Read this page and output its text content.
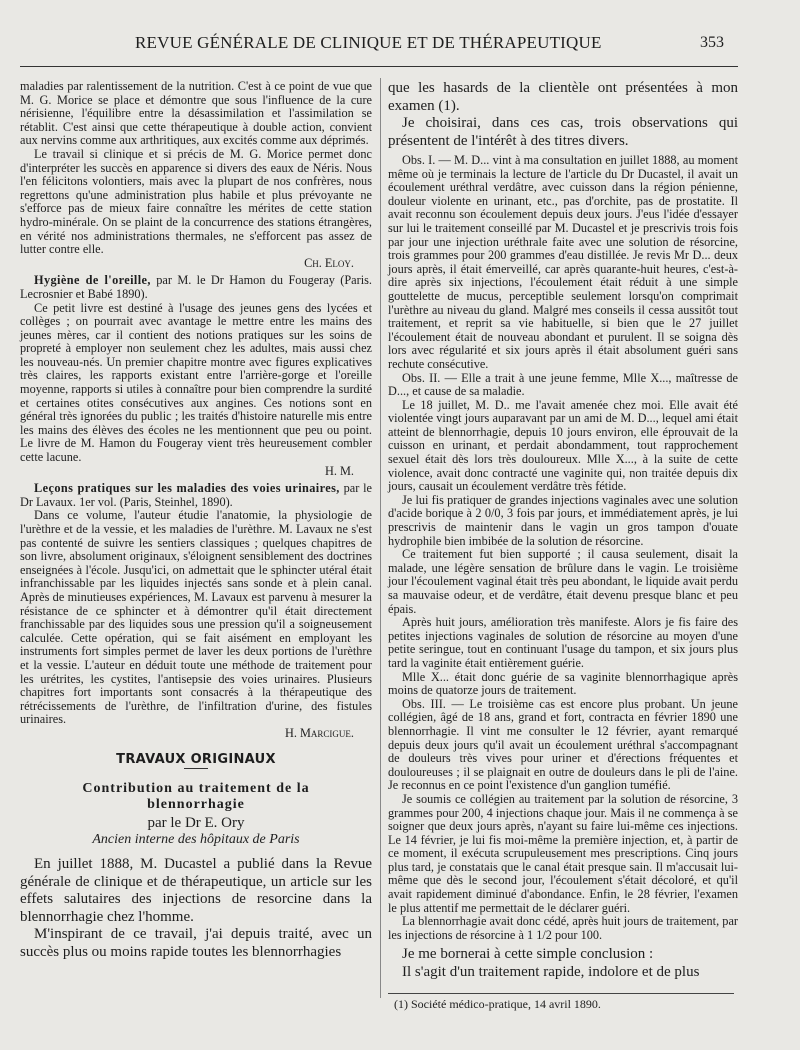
REVUE GÉNÉRALE DE CLINIQUE ET DE THÉRAPEUTIQUE	353

maladies par ralentissement de la nutrition. C'est à ce point de vue que M. G. Morice se place et démontre que sous l'influence de la cure nérisienne, l'équilibre entre la désassimilation et l'assimilation se rétablit. C'est ainsi que cette thérapeutique à double action, convient aux nervins comme aux arthritiques, aux excités comme aux déprimés.

Le travail si clinique et si précis de M. G. Morice permet donc d'interpréter les succès en apparence si divers des eaux de Néris. Nous l'en félicitons volontiers, mais avec la plupart de nos confrères, nous regrettons qu'une administration plus habile et plus prévoyante ne s'efforce pas de mieux faire connaître les mérites de cette station hydro-minérale. On se plaint de la concurrence des stations étrangères, en vérité nos administrations thermales, ne s'efforcent pas assez de lutter contre elle.

Ch. Eloy.

Hygiène de l'oreille, par M. le Dr Hamon du Fougeray (Paris. Lecrosnier et Babé 1890).

Ce petit livre est destiné à l'usage des jeunes gens des lycées et collèges ; on pourrait avec avantage le mettre entre les mains des jeunes mères, car il contient des notions pratiques sur les soins de propreté à employer non seulement chez les adultes, mais aussi chez les nouveau-nés. Un premier chapitre montre avec figures explicatives très claires, les rapports existant entre l'arrière-gorge et l'oreille moyenne, rapports si utiles à connaître pour bien comprendre la surdité et certaines otites consécutives aux angines. Ces notions sont en général très ignorées du public ; les traités d'histoire naturelle mis entre les mains des élèves des écoles ne les mentionnent que peu ou point. Le livre de M. Hamon du Fougeray vient très heureusement combler cette lacune.

H. M.

Leçons pratiques sur les maladies des voies urinaires, par le Dr Lavaux. 1er vol. (Paris, Steinhel, 1890).

Dans ce volume, l'auteur étudie l'anatomie, la physiologie de l'urèthre et de la vessie, et les maladies de l'urèthre. M. Lavaux ne s'est pas contenté de suivre les sentiers classiques ; quelques chapitres de son livre, absolument originaux, s'éloignent sensiblement des doctrines enseignées à l'école. Jusqu'ici, on admettait que le sphincter utéral était infranchissable par les liquides injectés sans sonde et à plein canal. Après de minutieuses expériences, M. Lavaux est parvenu à mesurer la résistance de ce sphincter et à démontrer qu'il était directement franchissable par des liquides sous une pression qu'il a soigneusement calculée. Cette opération, qui se fait aisément en employant les instruments fort simples permet de laver les deux portions de l'urèthre et la vessie. L'auteur en déduit toute une méthode de traitement pour les urétrites, les cystites, l'antisepsie des voies urinaires. Plusieurs chapitres fort importants sont consacrés à la thérapeutique des rétrécissements de l'urèthre, de l'infiltration d'urine, des fistules urinaires.

H. Marcigue.

TRAVAUX ORIGINAUX

Contribution au traitement de la

blennorrhagie

par le Dr E. Ory

Ancien interne des hôpitaux de Paris

En juillet 1888, M. Ducastel a publié dans la Revue générale de clinique et de thérapeutique, un article sur les effets salutaires des injections de resorcine dans la blennorrhagie chez l'homme.

M'inspirant de ce travail, j'ai depuis traité, avec un succès plus ou moins rapide toutes les blennorrhagies

que les hasards de la clientèle ont présentées à mon examen (1).

Je choisirai, dans ces cas, trois observations qui présentent de l'intérêt à des titres divers.

Obs. I. — M. D... vint à ma consultation en juillet 1888, au moment même où je terminais la lecture de l'article du Dr Ducastel, il avait un écoulement uréthral verdâtre, avec cuisson dans la région pénienne, douleur violente en urinant, etc., pas d'orchite, pas de prostatite. Il avait reconnu son écoulement depuis deux jours. J'eus l'idée d'essayer sur lui le traitement conseillé par M. Ducastel et je prescrivis trois fois par jour une injection uréthrale faite avec une solution de résorcine, trois grammes pour 200 grammes d'eau distillée. Je revis Mr D... deux jours après, il était émerveillé, car après quarante-huit heures, c'est-à-dire après six injections, l'écoulement était réduit à une simple gouttelette de mucus, perceptible seulement lorsqu'on comprimait l'urèthre au niveau du gland. Malgré mes conseils il cessa aussitôt tout traitement, et reprit sa vie habituelle, si bien que le 27 juillet l'écoulement était de nouveau abondant et purulent. Il se soigna dès lors avec régularité et six jours après il était absolument guéri sans rechute consécutive.

Obs. II. — Elle a trait à une jeune femme, Mlle X..., maîtresse de D..., et cause de sa maladie.

Le 18 juillet, M. D.. me l'avait amenée chez moi. Elle avait été violentée vingt jours auparavant par un ami de M. D..., lequel ami était atteint de blennorrhagie, depuis 10 jours environ, elle éprouvait de la cuisson en urinant, et perdait abondamment, tout rapprochement sexuel était dès lors très douloureux. Mlle X..., à la suite de cette violence, avait donc contracté une vaginite qui, non traitée depuis dix jours, causait un écoulement verdâtre très fétide.

Je lui fis pratiquer de grandes injections vaginales avec une solution d'acide borique à 2 0/0, 3 fois par jours, et immédiatement après, je lui prescrivis de maintenir dans le vagin un gros tampon d'ouate hydrophile bien imbibée de la solution de résorcine.

Ce traitement fut bien supporté ; il causa seulement, disait la malade, une légère sensation de brûlure dans le vagin. Le troisième jour l'écoulement vaginal était très peu abondant, le liquide avait perdu sa mauvaise odeur, et de verdâtre, était devenu presque blanc et peu épais.

Après huit jours, amélioration très manifeste. Alors je fis faire des petites injections vaginales de solution de résorcine au moyen d'une petite seringue, tout en continuant l'usage du tampon, et six jours plus tard la vaginite était entièrement guérie.

Mlle X... était donc guérie de sa vaginite blennorrhagique après moins de quatorze jours de traitement.

Obs. III. — Le troisième cas est encore plus probant. Un jeune collégien, âgé de 18 ans, grand et fort, contracta en février 1890 une blennorrhagie. Il vint me consulter le 12 février, ayant remarqué depuis deux jours qu'il avait un écoulement uréthral s'accompagnant de douleurs très vives pour uriner et d'érections fréquentes et douloureuses ; il se plaignait en outre de douleurs dans le pli de l'aine. Je reconnus en ce point l'existence d'un ganglion tuméfié.

Je soumis ce collégien au traitement par la solution de résorcine, 3 grammes pour 200, 4 injections chaque jour. Mais il ne commença à se soigner que deux jours après, n'ayant su faire lui-même ces injections. Le 14 février, je lui fis moi-même la première injection, et, à partir de ce moment, il exécuta scrupuleusement mes prescriptions. Cinq jours plus tard, je constatais que le canal était presque sain. Il m'accusait lui-même que dès le second jour, l'écoulement s'était décoloré, et qu'il avait rapidement diminué d'abondance. Enfin, le 28 février, l'examen le plus attentif me permettait de le déclarer guéri.

La blennorrhagie avait donc cédé, après huit jours de traitement, par les injections de résorcine à 1 1/2 pour 100.

Je me bornerai à cette simple conclusion :

Il s'agit d'un traitement rapide, indolore et de plus

(1) Société médico-pratique, 14 avril 1890.
